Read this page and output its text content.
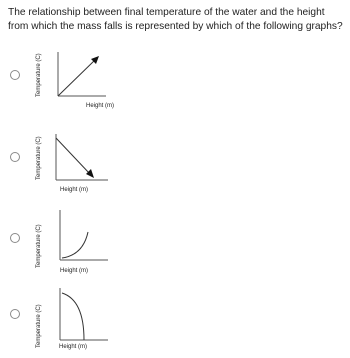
The relationship between final temperature of the water and the height from which the mass falls is represented by which of the following graphs?
Temperature (C)
Height (m)
Temperature (C)
Height (m)
Temperature (C)
Height (m)
Temperature (C)	Height (m)
